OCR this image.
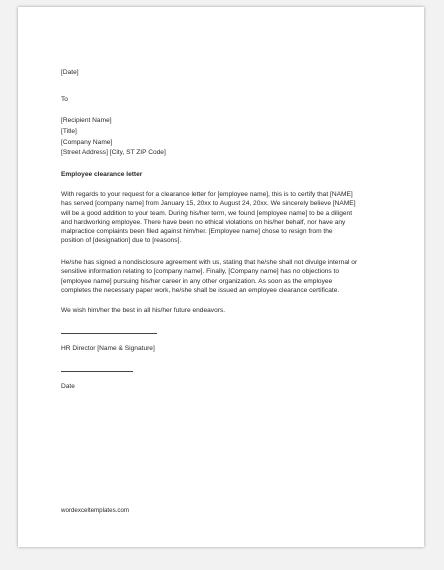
[Date]
To
[Recipient Name]
[Title]
[Company Name]
[Street Address] [City, ST ZIP Code]
Employee clearance letter
With regards to your request for a clearance letter for [employee name], this is to certify that [NAME]
has served [company name] from January 15, 20xx to August 24, 20xx. We sincerely believe [NAME]
will be a good addition to your team. During his/her term, we found [employee name] to be a diligent
and hardworking employee. There have been no ethical violations on his/her behalf, nor have any
malpractice complaints been filed against him/her. [Employee name] chose to resign from the
position of [designation] due to [reasons].
He/she has signed a nondisclosure agreement with us, stating that he/she shall not divulge internal or
sensitive information relating to [company name]. Finally, [Company name] has no objections to
[employee name] pursuing his/her career in any other organization. As soon as the employee
completes the necessary paper work, he/she shall be issued an employee clearance certificate.
We wish him/her the best in all his/her future endeavors.
HR Director [Name & Signature]
Date
wordexceltemplates.com
